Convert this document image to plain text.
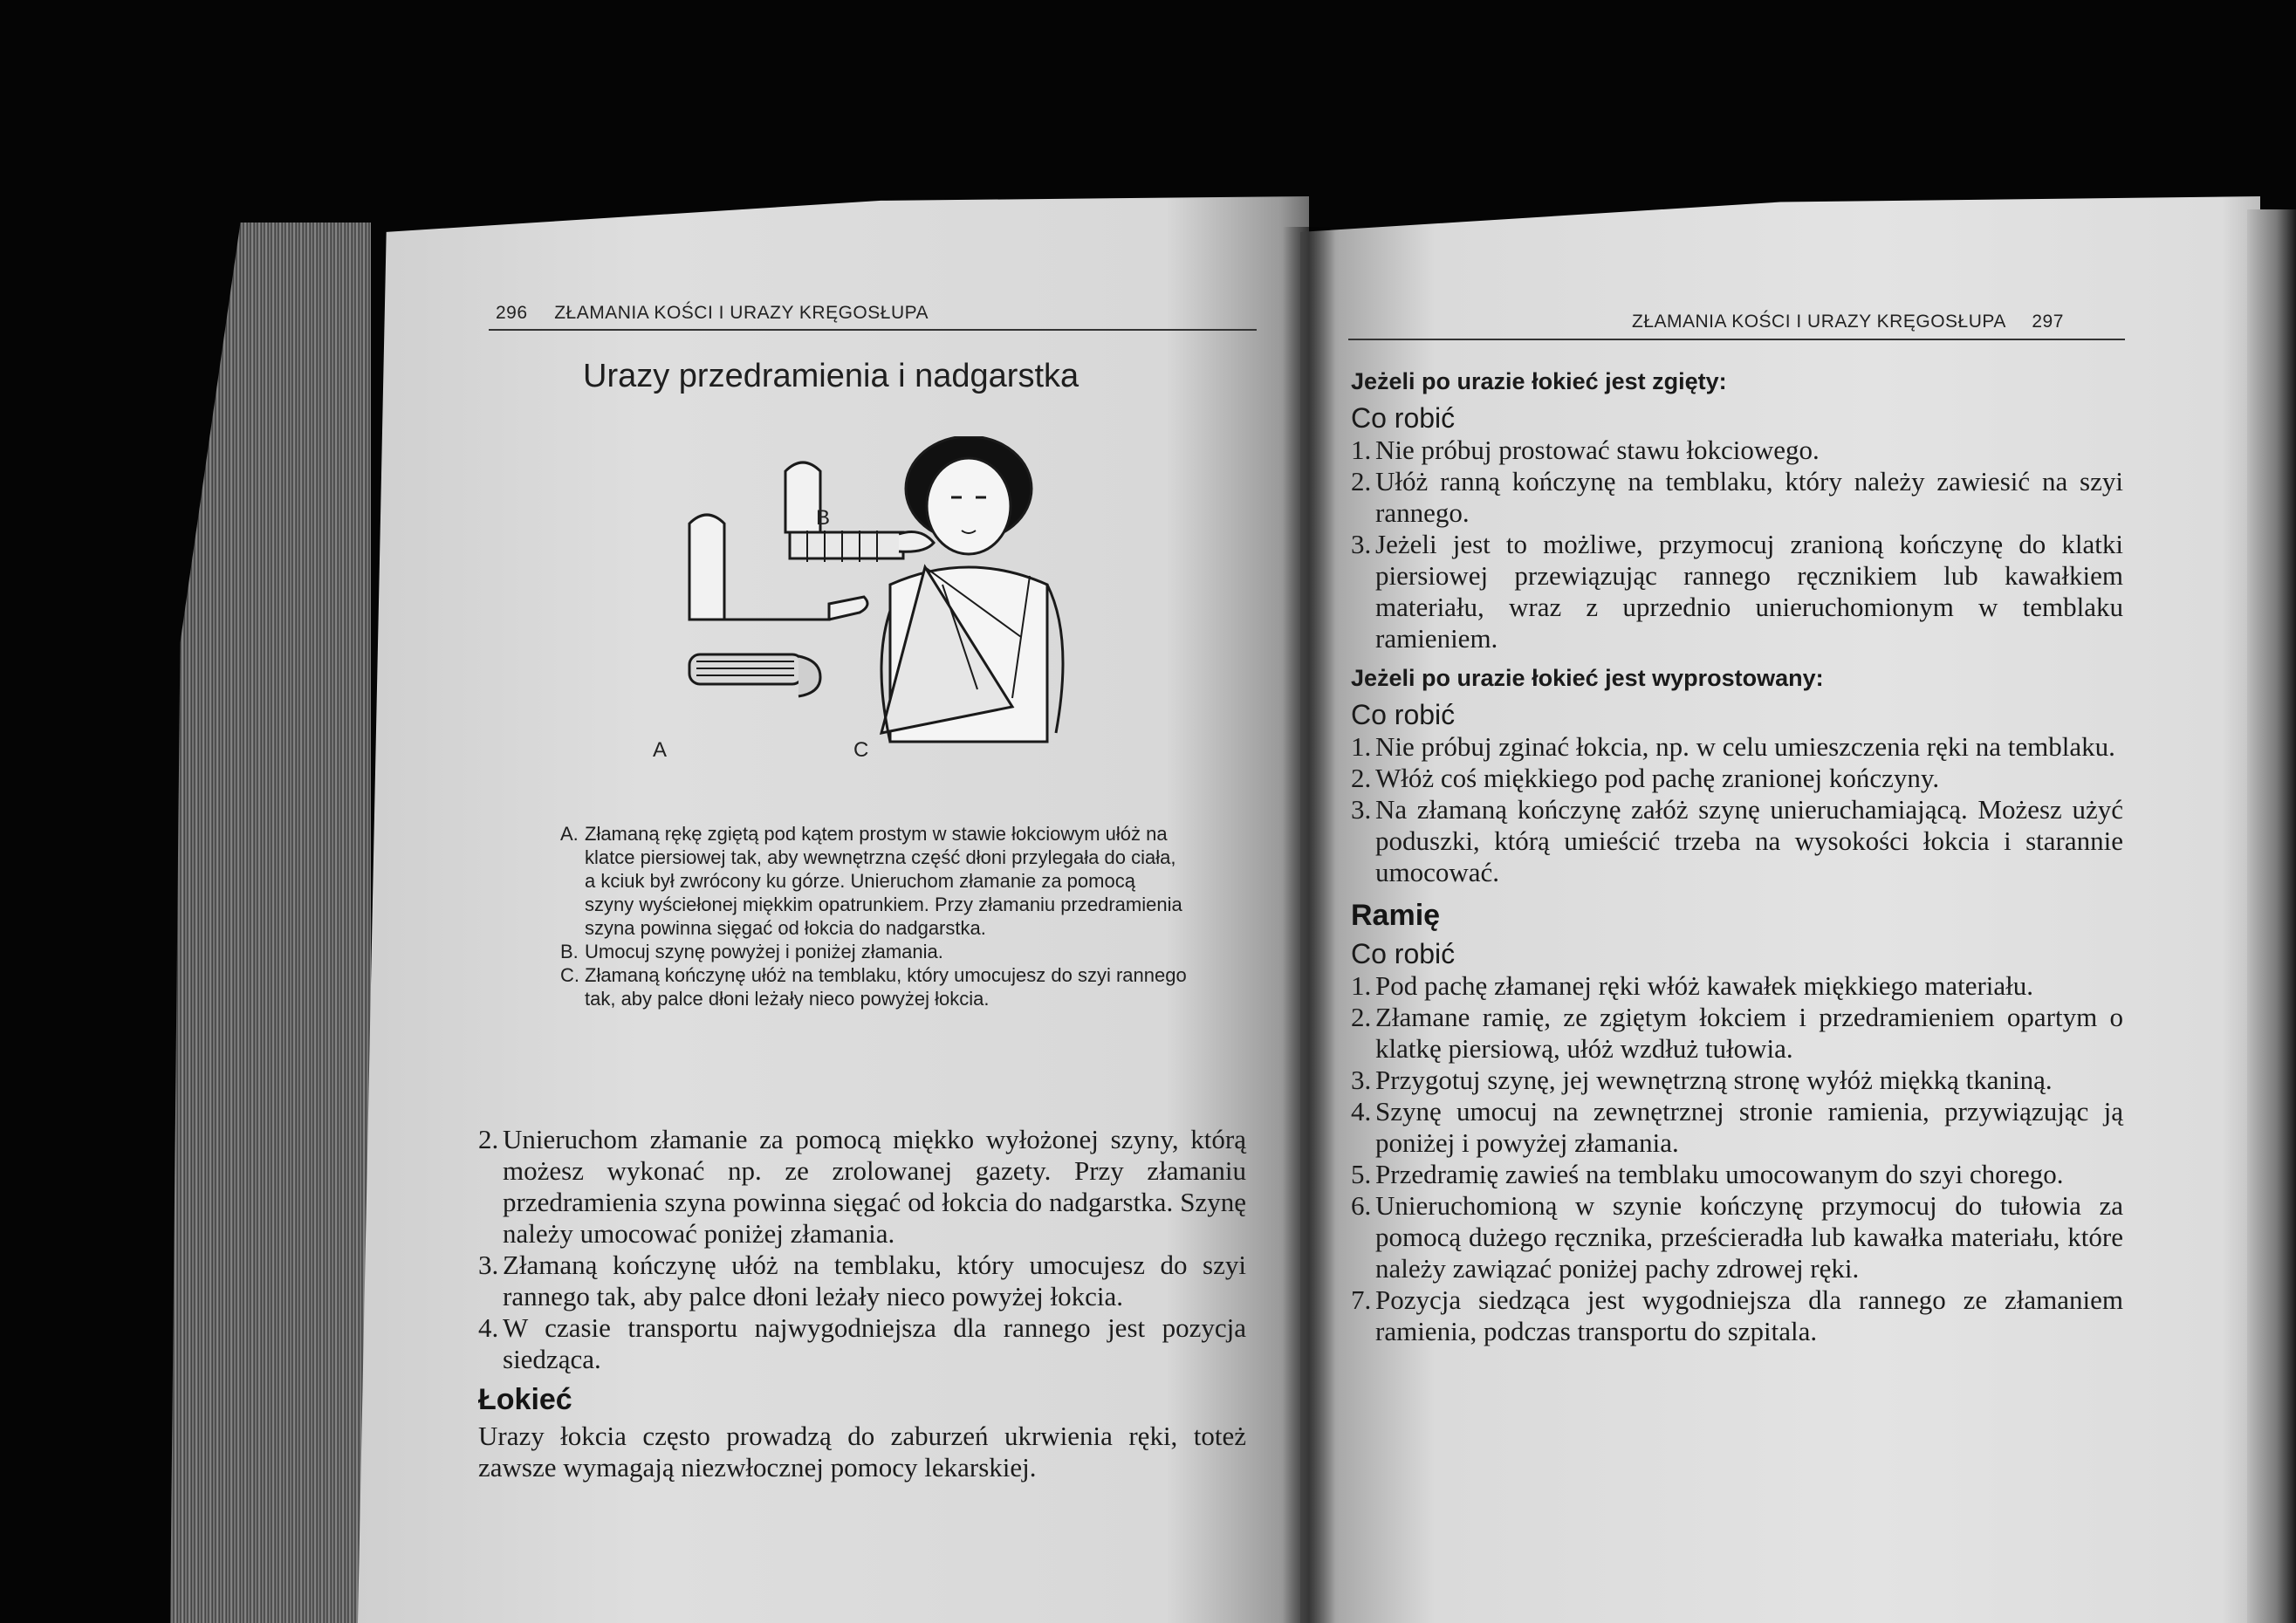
296 ZŁAMANIA KOŚCI I URAZY KRĘGOSŁUPA
Urazy przedramienia i nadgarstka
B
A	C
A. Złamaną rękę zgiętą pod kątem prostym w stawie łokciowym ułóż na klatce piersiowej tak, aby wewnętrzna część dłoni przylegała do ciała, a kciuk był zwrócony ku górze. Unieruchom złamanie za pomocą szyny wyściełonej miękkim opatrunkiem. Przy złamaniu przedramienia szyna powinna sięgać od łokcia do nadgarstka.
B. Umocuj szynę powyżej i poniżej złamania.
C. Złamaną kończynę ułóż na temblaku, który umocujesz do szyi rannego tak, aby palce dłoni leżały nieco powyżej łokcia.
2. Unieruchom złamanie za pomocą miękko wyłożonej szyny, którą możesz wykonać np. ze zrolowanej gazety. Przy złamaniu przedramienia szyna powinna sięgać od łokcia do nadgarstka. Szynę należy umocować poniżej złamania.
3. Złamaną kończynę ułóż na temblaku, który umocujesz do szyi rannego tak, aby palce dłoni leżały nieco powyżej łokcia.
4. W czasie transportu najwygodniejsza dla rannego jest pozycja siedząca.
Łokieć
Urazy łokcia często prowadzą do zaburzeń ukrwienia ręki, toteż zawsze wymagają niezwłocznej pomocy lekarskiej.
ZŁAMANIA KOŚCI I URAZY KRĘGOSŁUPA 297
Jeżeli po urazie łokieć jest zgięty:
Co robić
1. Nie próbuj prostować stawu łokciowego.
2. Ułóż ranną kończynę na temblaku, który należy zawiesić na szyi rannego.
3. Jeżeli jest to możliwe, przymocuj zranioną kończynę do klatki piersiowej przewiązując rannego ręcznikiem lub kawałkiem materiału, wraz z uprzednio unieruchomionym w temblaku ramieniem.
Jeżeli po urazie łokieć jest wyprostowany:
Co robić
1. Nie próbuj zginać łokcia, np. w celu umieszczenia ręki na temblaku.
2. Włóż coś miękkiego pod pachę zranionej kończyny.
3. Na złamaną kończynę załóż szynę unieruchamiającą. Możesz użyć poduszki, którą umieścić trzeba na wysokości łokcia i starannie umocować.
Ramię
Co robić
1. Pod pachę złamanej ręki włóż kawałek miękkiego materiału.
2. Złamane ramię, ze zgiętym łokciem i przedramieniem opartym o klatkę piersiową, ułóż wzdłuż tułowia.
3. Przygotuj szynę, jej wewnętrzną stronę wyłóż miękką tkaniną.
4. Szynę umocuj na zewnętrznej stronie ramienia, przywiązując ją poniżej i powyżej złamania.
5. Przedramię zawieś na temblaku umocowanym do szyi chorego.
6. Unieruchomioną w szynie kończynę przymocuj do tułowia za pomocą dużego ręcznika, prześcieradła lub kawałka materiału, które należy zawiązać poniżej pachy zdrowej ręki.
7. Pozycja siedząca jest wygodniejsza dla rannego ze złamaniem ramienia, podczas transportu do szpitala.
